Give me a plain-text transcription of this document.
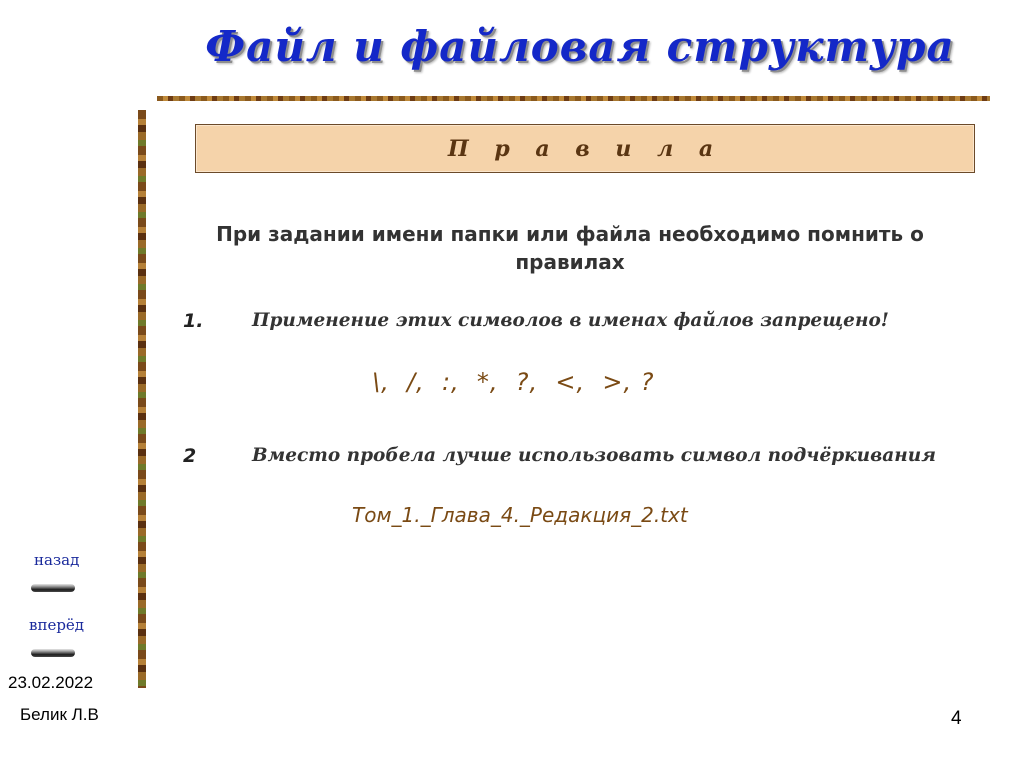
Файл и файловая структура
П р а в и л а
При задании имени папки или файла необходимо помнить о правилах
1.	Применение этих символов в именах файлов запрещено!
\,  /,  :,  *,  ?,  <,  >, ?
2	Вместо пробела лучше использовать символ подчёркивания
Том_1._Глава_4._Редакция_2.txt
назад
вперёд
23.02.2022
Белик Л.В	4
